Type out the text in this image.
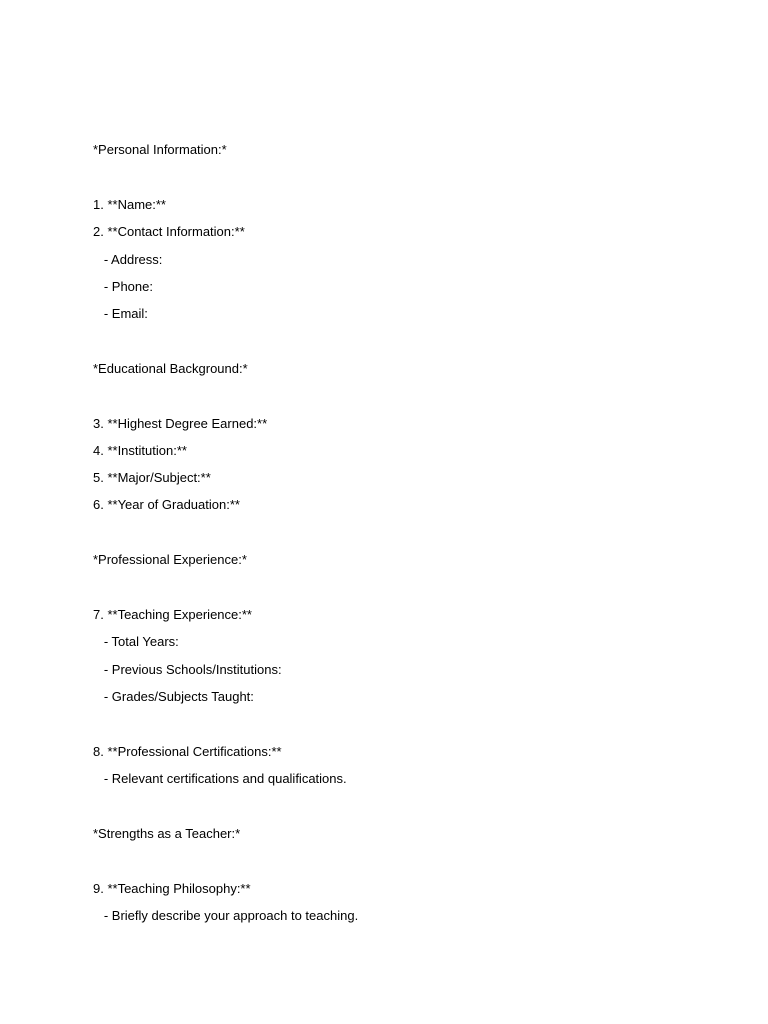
*Personal Information:*
1. **Name:**
2. **Contact Information:**
- Address:
- Phone:
- Email:
*Educational Background:*
3. **Highest Degree Earned:**
4. **Institution:**
5. **Major/Subject:**
6. **Year of Graduation:**
*Professional Experience:*
7. **Teaching Experience:**
- Total Years:
- Previous Schools/Institutions:
- Grades/Subjects Taught:
8. **Professional Certifications:**
- Relevant certifications and qualifications.
*Strengths as a Teacher:*
9. **Teaching Philosophy:**
- Briefly describe your approach to teaching.
